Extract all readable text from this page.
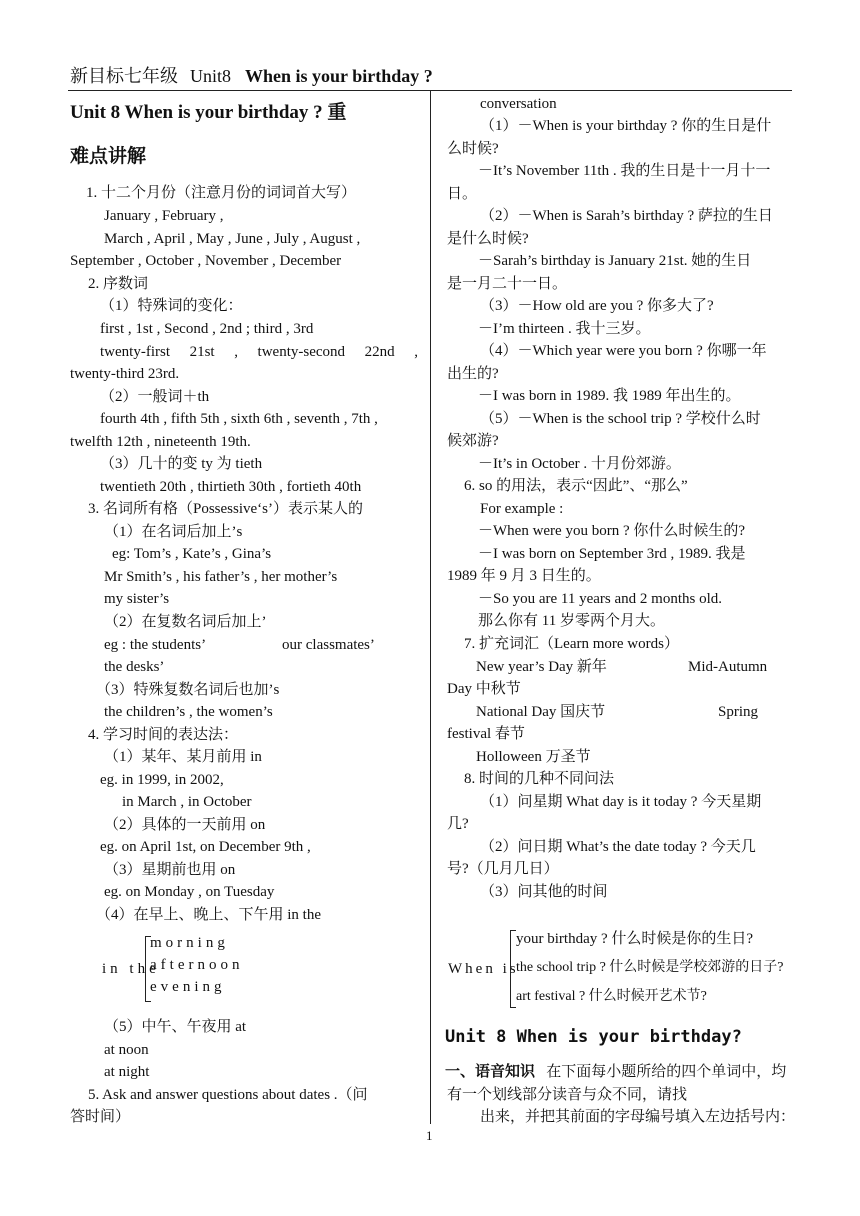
新目标七年级 Unit8 When is your birthday ?
1
Unit 8 When is your birthday ? 重
难点讲解
1. 十二个月份（注意月份的词词首大写）
January , February ,
March , April , May , June , July , August ,
September , October , November , December
2. 序数词
（1）特殊词的变化：
first , 1st , Second , 2nd ; third , 3rd
twenty-first 21st , twenty-second 22nd ,
twenty-third 23rd.
（2）一般词＋th
fourth 4th , fifth 5th , sixth 6th , seventh , 7th ,
twelfth 12th , nineteenth 19th.
（3）几十的变 ty 为 tieth
twentieth 20th , thirtieth 30th , fortieth 40th
3. 名词所有格（Possessive‘s’）表示某人的
（1）在名词后加上’s
eg: Tom’s , Kate’s , Gina’s
Mr Smith’s , his father’s , her mother’s
my sister’s
（2）在复数名词后加上’
eg : the students’	our classmates’
the desks’
（3）特殊复数名词后也加’s
the children’s , the women’s
4. 学习时间的表达法：
（1）某年、某月前用 in
eg. in 1999, in 2002,
in March , in October
（2）具体的一天前用 on
eg. on April 1st, on December 9th ,
（3）星期前也用 on
eg. on Monday , on Tuesday
（4）在早上、晚上、下午用 in the
in the
morning
afternoon
evening
（5）中午、午夜用 at
at noon
at night
5. Ask and answer questions about dates .（问
答时间）
conversation
（1）－When is your birthday ? 你的生日是什
么时候?
－It’s November 11th . 我的生日是十一月十一
日。
（2）－When is Sarah’s birthday ? 萨拉的生日
是什么时候?
－Sarah’s birthday is January 21st. 她的生日
是一月二十一日。
（3）－How old are you ? 你多大了?
－I’m thirteen . 我十三岁。
（4）－Which year were you born ? 你哪一年
出生的?
－I was born in 1989. 我 1989 年出生的。
（5）－When is the school trip ? 学校什么时
候郊游?
－It’s in October . 十月份郊游。
6. so 的用法，表示“因此”、“那么”
For example :
－When were you born ? 你什么时候生的?
－I was born on September 3rd , 1989. 我是
1989 年 9 月 3 日生的。
－So you are 11 years and 2 months old.
那么你有 11 岁零两个月大。
7. 扩充词汇（Learn more words）
New year’s Day 新年	Mid-Autumn
Day 中秋节
National Day 国庆节	Spring
festival 春节
Holloween 万圣节
8. 时间的几种不同问法
（1）问星期 What day is it today ? 今天星期
几?
（2）问日期 What’s the date today ? 今天几
号?（几月几日）
（3）问其他的时间
When is
your birthday ? 什么时候是你的生日?
the school trip ? 什么时候是学校郊游的日子?
art festival ? 什么时候开艺术节?
Unit 8 When is your birthday?
一、语音知识 在下面每小题所给的四个单词中，均
有一个划线部分读音与众不同，请找
出来，并把其前面的字母编号填入左边括号内：
